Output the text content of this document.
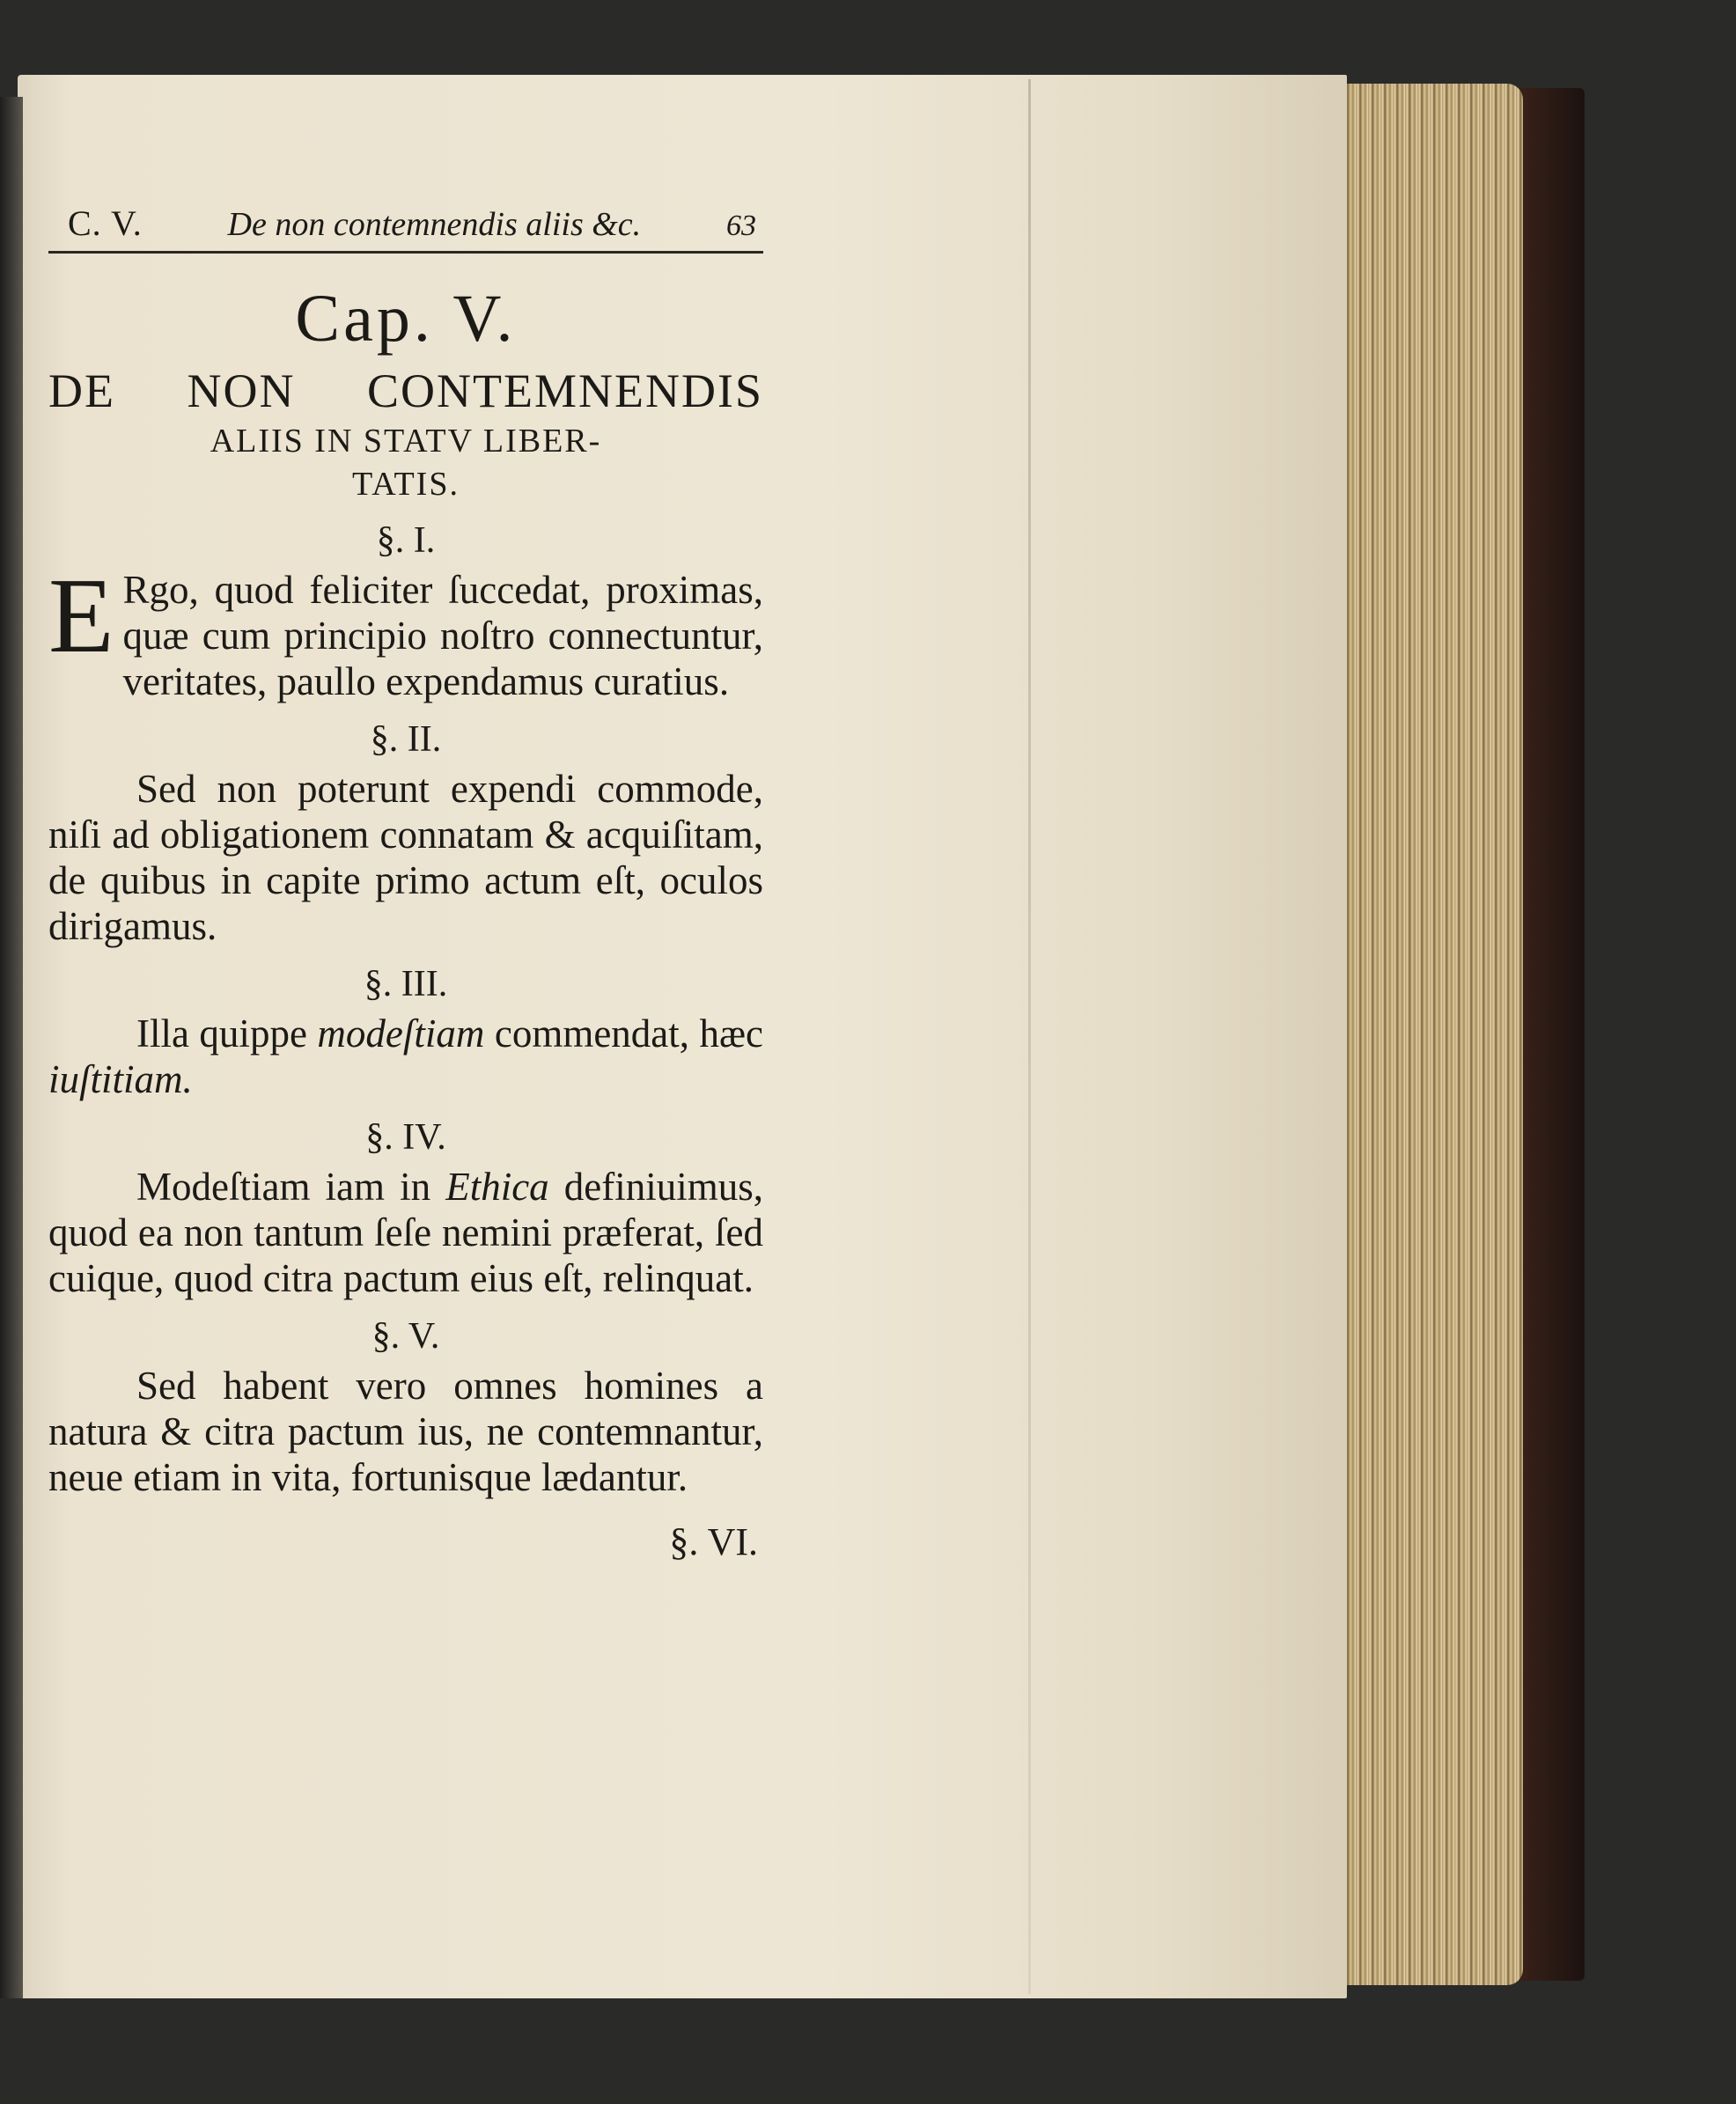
C. V.	De non contemnendis aliis &c.	63
Cap. V.
DE NON CONTEMNENDIS
ALIIS IN STATV LIBER-
TATIS.
§. I.

E Rgo, quod feliciter ſuccedat, proximas, quæ cum principio noſtro connectuntur, veritates, paullo expendamus curatius.

§. II.

Sed non poterunt expendi commode, niſi ad obligationem connatam & acquiſitam, de quibus in capite primo actum eſt, oculos dirigamus.

§. III.

Illa quippe modeſtiam commendat, hæc iuſtitiam.

§. IV.

Modeſtiam iam in Ethica definiuimus, quod ea non tantum ſeſe nemini præferat, ſed cuique, quod citra pactum eius eſt, relinquat.

§. V.

Sed habent vero omnes homines a natura & citra pactum ius, ne contemnantur, neue etiam in vita, fortunisque lædantur.

§. VI.
